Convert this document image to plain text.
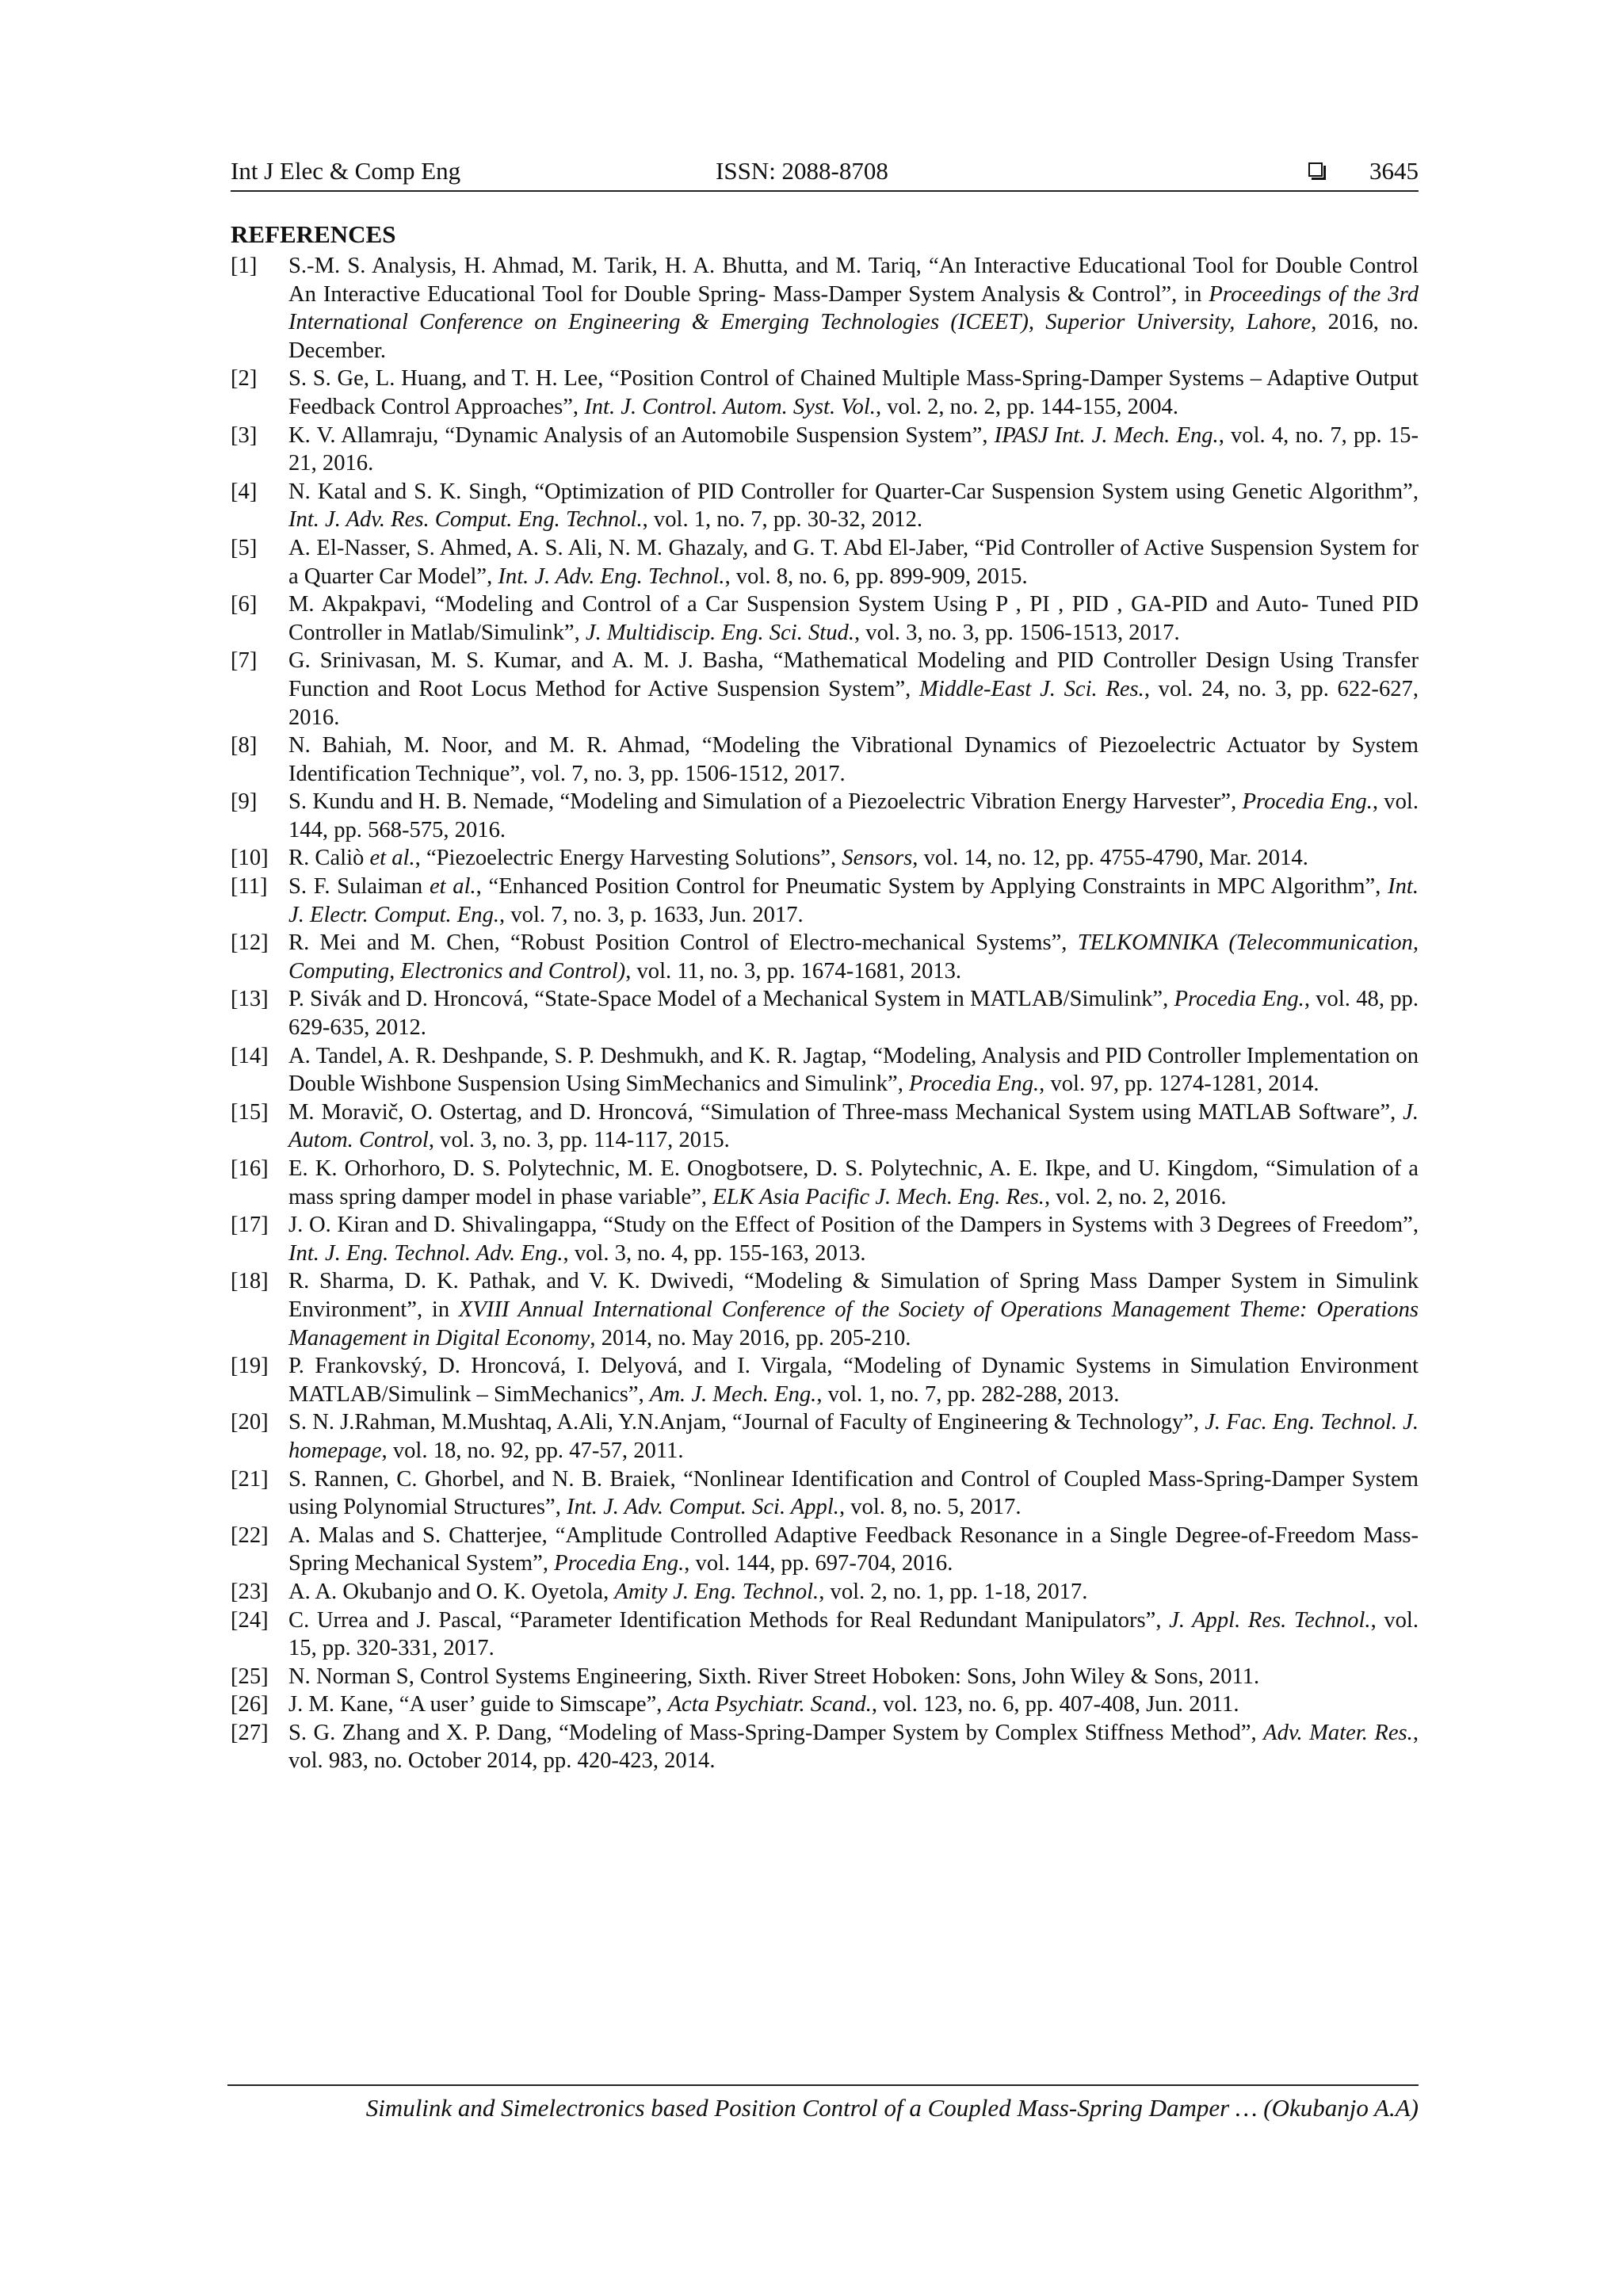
Int J Elec & Comp Eng	ISSN: 2088-8708	3645
REFERENCES
[1]	S.-M. S. Analysis, H. Ahmad, M. Tarik, H. A. Bhutta, and M. Tariq, “An Interactive Educational Tool for Double Control An Interactive Educational Tool for Double Spring- Mass-Damper System Analysis & Control”, in Proceedings of the 3rd International Conference on Engineering & Emerging Technologies (ICEET), Superior University, Lahore, 2016, no. December.
[2]	S. S. Ge, L. Huang, and T. H. Lee, “Position Control of Chained Multiple Mass-Spring-Damper Systems – Adaptive Output Feedback Control Approaches”, Int. J. Control. Autom. Syst. Vol., vol. 2, no. 2, pp. 144-155, 2004.
[3]	K. V. Allamraju, “Dynamic Analysis of an Automobile Suspension System”, IPASJ Int. J. Mech. Eng., vol. 4, no. 7, pp. 15-21, 2016.
[4]	N. Katal and S. K. Singh, “Optimization of PID Controller for Quarter-Car Suspension System using Genetic Algorithm”, Int. J. Adv. Res. Comput. Eng. Technol., vol. 1, no. 7, pp. 30-32, 2012.
[5]	A. El-Nasser, S. Ahmed, A. S. Ali, N. M. Ghazaly, and G. T. Abd El-Jaber, “Pid Controller of Active Suspension System for a Quarter Car Model”, Int. J. Adv. Eng. Technol., vol. 8, no. 6, pp. 899-909, 2015.
[6]	M. Akpakpavi, “Modeling and Control of a Car Suspension System Using P , PI , PID , GA-PID and Auto- Tuned PID Controller in Matlab/Simulink”, J. Multidiscip. Eng. Sci. Stud., vol. 3, no. 3, pp. 1506-1513, 2017.
[7]	G. Srinivasan, M. S. Kumar, and A. M. J. Basha, “Mathematical Modeling and PID Controller Design Using Transfer Function and Root Locus Method for Active Suspension System”, Middle-East J. Sci. Res., vol. 24, no. 3, pp. 622-627, 2016.
[8]	N. Bahiah, M. Noor, and M. R. Ahmad, “Modeling the Vibrational Dynamics of Piezoelectric Actuator by System Identification Technique”, vol. 7, no. 3, pp. 1506-1512, 2017.
[9]	S. Kundu and H. B. Nemade, “Modeling and Simulation of a Piezoelectric Vibration Energy Harvester”, Procedia Eng., vol. 144, pp. 568-575, 2016.
[10] R. Caliò et al., “Piezoelectric Energy Harvesting Solutions”, Sensors, vol. 14, no. 12, pp. 4755-4790, Mar. 2014.
[11] S. F. Sulaiman et al., “Enhanced Position Control for Pneumatic System by Applying Constraints in MPC Algorithm”, Int. J. Electr. Comput. Eng., vol. 7, no. 3, p. 1633, Jun. 2017.
[12] R. Mei and M. Chen, “Robust Position Control of Electro-mechanical Systems”, TELKOMNIKA (Telecommunication, Computing, Electronics and Control), vol. 11, no. 3, pp. 1674-1681, 2013.
[13] P. Sivák and D. Hroncová, “State-Space Model of a Mechanical System in MATLAB/Simulink”, Procedia Eng., vol. 48, pp. 629-635, 2012.
[14] A. Tandel, A. R. Deshpande, S. P. Deshmukh, and K. R. Jagtap, “Modeling, Analysis and PID Controller Implementation on Double Wishbone Suspension Using SimMechanics and Simulink”, Procedia Eng., vol. 97, pp. 1274-1281, 2014.
[15] M. Moravič, O. Ostertag, and D. Hroncová, “Simulation of Three-mass Mechanical System using MATLAB Software”, J. Autom. Control, vol. 3, no. 3, pp. 114-117, 2015.
[16] E. K. Orhorhoro, D. S. Polytechnic, M. E. Onogbotsere, D. S. Polytechnic, A. E. Ikpe, and U. Kingdom, “Simulation of a mass spring damper model in phase variable”, ELK Asia Pacific J. Mech. Eng. Res., vol. 2, no. 2, 2016.
[17] J. O. Kiran and D. Shivalingappa, “Study on the Effect of Position of the Dampers in Systems with 3 Degrees of Freedom”, Int. J. Eng. Technol. Adv. Eng., vol. 3, no. 4, pp. 155-163, 2013.
[18] R. Sharma, D. K. Pathak, and V. K. Dwivedi, “Modeling & Simulation of Spring Mass Damper System in Simulink Environment”, in XVIII Annual International Conference of the Society of Operations Management Theme: Operations Management in Digital Economy, 2014, no. May 2016, pp. 205-210.
[19] P. Frankovský, D. Hroncová, I. Delyová, and I. Virgala, “Modeling of Dynamic Systems in Simulation Environment MATLAB/Simulink – SimMechanics”, Am. J. Mech. Eng., vol. 1, no. 7, pp. 282-288, 2013.
[20] S. N. J.Rahman, M.Mushtaq, A.Ali, Y.N.Anjam, “Journal of Faculty of Engineering & Technology”, J. Fac. Eng. Technol. J. homepage, vol. 18, no. 92, pp. 47-57, 2011.
[21] S. Rannen, C. Ghorbel, and N. B. Braiek, “Nonlinear Identification and Control of Coupled Mass-Spring-Damper System using Polynomial Structures”, Int. J. Adv. Comput. Sci. Appl., vol. 8, no. 5, 2017.
[22] A. Malas and S. Chatterjee, “Amplitude Controlled Adaptive Feedback Resonance in a Single Degree-of-Freedom Mass-Spring Mechanical System”, Procedia Eng., vol. 144, pp. 697-704, 2016.
[23] A. A. Okubanjo and O. K. Oyetola, Amity J. Eng. Technol., vol. 2, no. 1, pp. 1-18, 2017.
[24] C. Urrea and J. Pascal, “Parameter Identification Methods for Real Redundant Manipulators”, J. Appl. Res. Technol., vol. 15, pp. 320-331, 2017.
[25] N. Norman S, Control Systems Engineering, Sixth. River Street Hoboken: Sons, John Wiley & Sons, 2011.
[26] J. M. Kane, “A user’ guide to Simscape”, Acta Psychiatr. Scand., vol. 123, no. 6, pp. 407-408, Jun. 2011.
[27] S. G. Zhang and X. P. Dang, “Modeling of Mass-Spring-Damper System by Complex Stiffness Method”, Adv. Mater. Res., vol. 983, no. October 2014, pp. 420-423, 2014.
Simulink and Simelectronics based Position Control of a Coupled Mass-Spring Damper … (Okubanjo A.A)
